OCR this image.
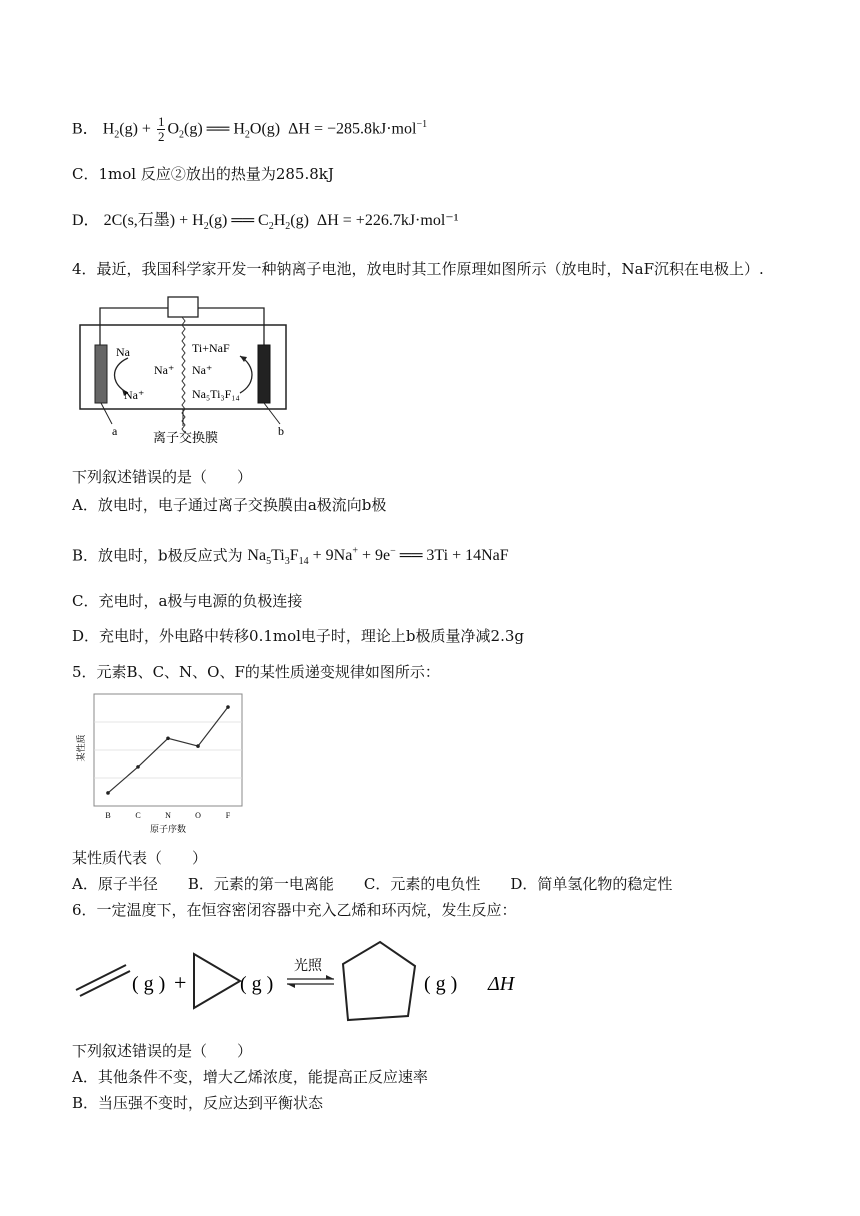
B． $H_2(g) + \frac{1}{2} O_2(g)$ ══ $H_2O(g) \Delta H = -285.8kJ\cdot mol^{-1}$
C．1mol 反应②放出的热量为285.8kJ
D． 2C(s,石墨) + $H_2(g)$ ══ $C_2H_2(g) \Delta H = +226.7kJ\cdot mol^{-1}$
4．最近，我国科学家开发一种钠离子电池，放电时其工作原理如图所示（放电时，NaF沉积在电极上）.
Na
Na⁺
Na⁺
Ti+NaF
Na⁺
Na₅Ti₃F₁₄
a	b
离子交换膜
下列叙述错误的是（　　）
A．放电时，电子通过离子交换膜由a极流向b极
B．放电时，b极反应式为 $Na_5Ti_3F_{14} + 9Na^+ + 9e^-$ ══ 3Ti + 14NaF
C．充电时，a极与电源的负极连接
D．充电时，外电路中转移0.1mol电子时，理论上b极质量净减2.3g
5．元素B、C、N、O、F的某性质递变规律如图所示：
B	C	N	O	F
原子序数
某性质
某性质代表（　　）
A．原子半径　　B．元素的第一电离能　　C．元素的电负性　　D．简单氢化物的稳定性
6．一定温度下，在恒容密闭容器中充入乙烯和环丙烷，发生反应：
( g ) +	( g )
光照
( g ) ΔH
下列叙述错误的是（　　）
A．其他条件不变，增大乙烯浓度，能提高正反应速率
B．当压强不变时，反应达到平衡状态
